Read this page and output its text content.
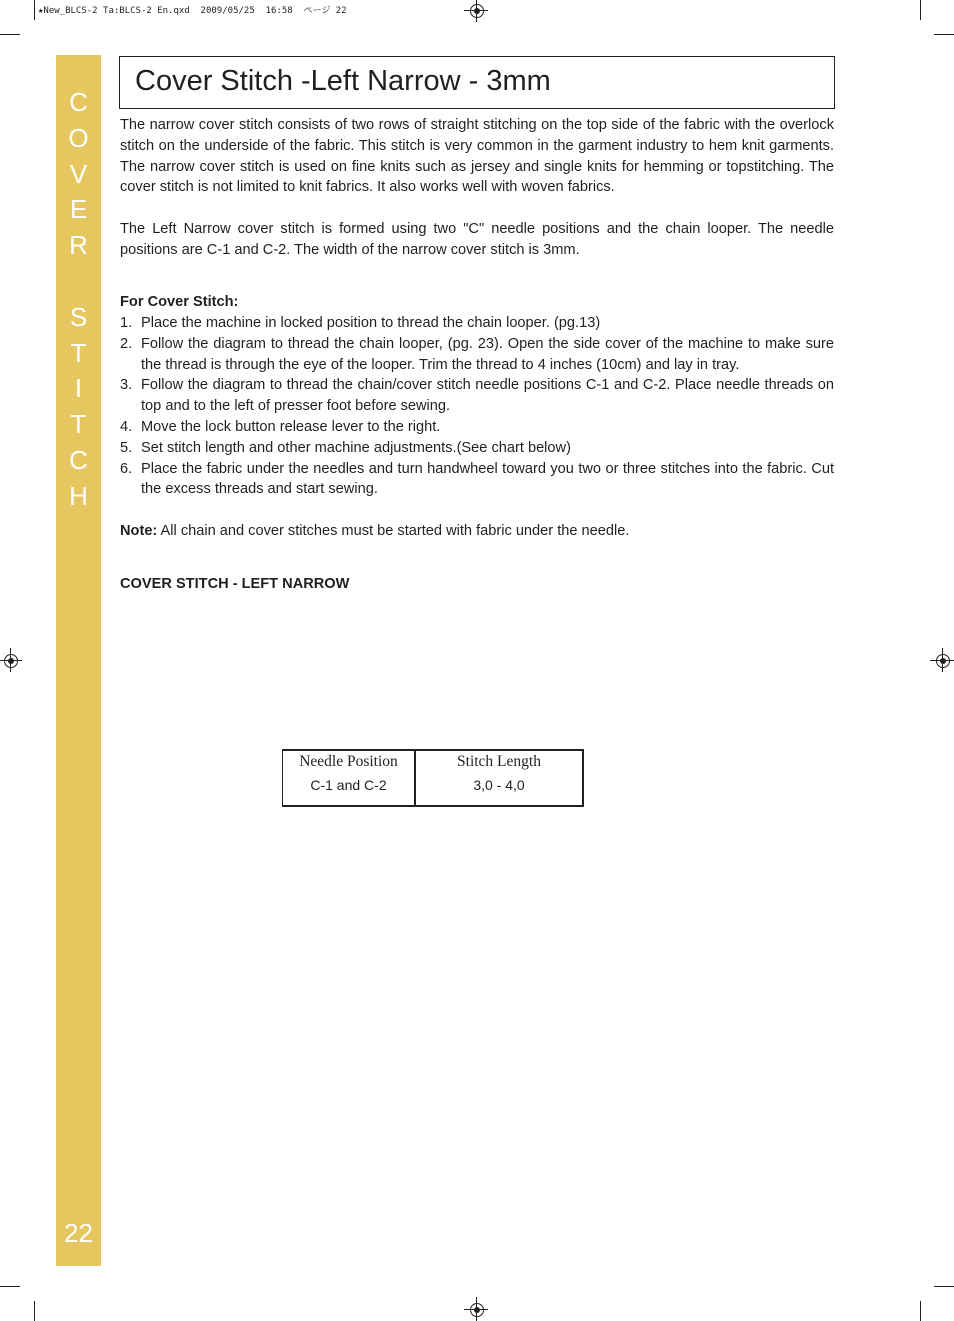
★New_BLCS-2 Ta:BLCS-2 En.qxd  2009/05/25  16:58  ページ 22
C
O
V
E
R
S
T
I
T
C
H
22
Cover Stitch -Left Narrow - 3mm

The narrow cover stitch consists of two rows of straight stitching on the top side of the fabric with the overlock stitch on the underside of the fabric. This stitch is very common in the garment industry to hem knit garments. The narrow cover stitch is used on fine knits such as jersey and single knits for hemming or topstitching. The cover stitch is not limited to knit fabrics. It also works well with woven fabrics.

The Left Narrow cover stitch is formed using two "C" needle positions and the chain looper. The needle positions are C-1 and C-2. The width of the narrow cover stitch is 3mm.

For Cover Stitch:

1. Place the machine in locked position to thread the chain looper. (pg.13)
2. Follow the diagram to thread the chain looper, (pg. 23). Open the side cover of the machine to make sure the thread is through the eye of the looper. Trim the thread to 4 inches (10cm) and lay in tray.
3. Follow the diagram to thread the chain/cover stitch needle positions C-1 and C-2. Place needle threads on top and to the left of presser foot before sewing.
4. Move the lock button release lever to the right.
5. Set stitch length and other machine adjustments.(See chart below)
6. Place the fabric under the needles and turn handwheel toward you two or three stitches into the fabric. Cut the excess threads and start sewing.

Note: All chain and cover stitches must be started with fabric under the needle.

COVER STITCH - LEFT NARROW
Needle Position	Stitch Length
C-1 and C-2	3,0 - 4,0
